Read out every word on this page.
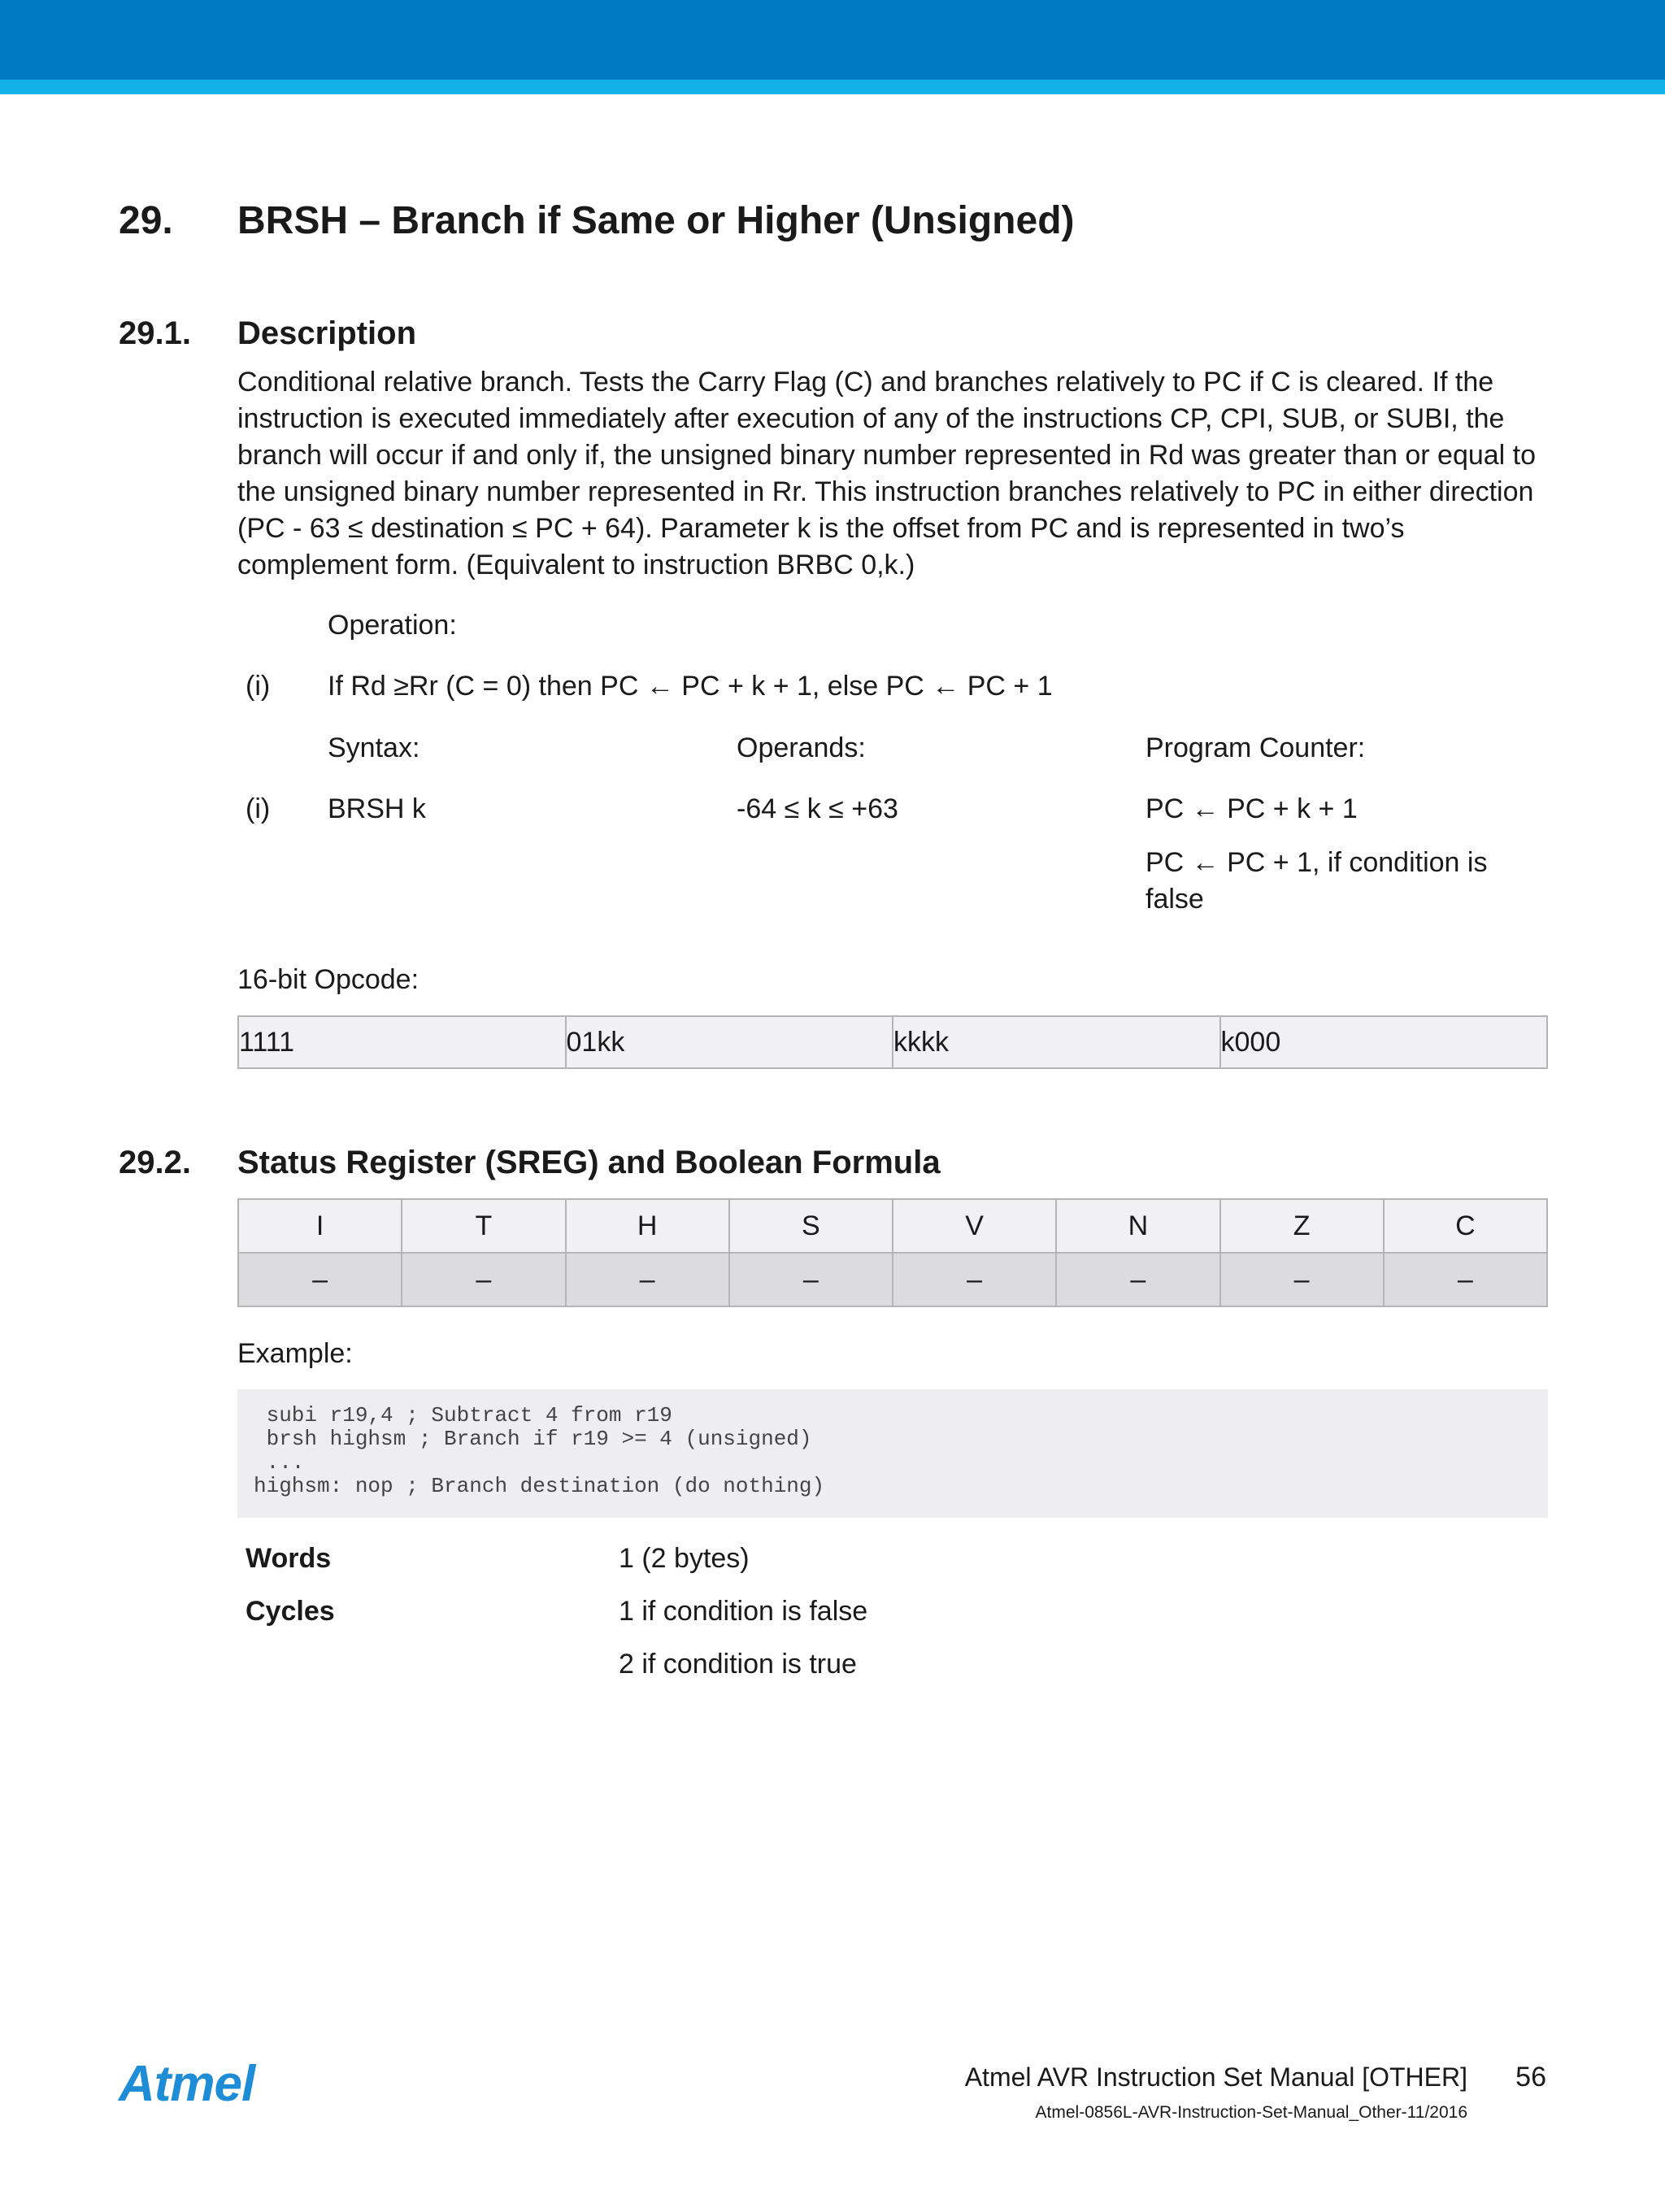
29. BRSH – Branch if Same or Higher (Unsigned)
29.1. Description

Conditional relative branch. Tests the Carry Flag (C) and branches relatively to PC if C is cleared. If the instruction is executed immediately after execution of any of the instructions CP, CPI, SUB, or SUBI, the branch will occur if and only if, the unsigned binary number represented in Rd was greater than or equal to the unsigned binary number represented in Rr. This instruction branches relatively to PC in either direction (PC - 63 ≤ destination ≤ PC + 64). Parameter k is the offset from PC and is represented in two’s complement form. (Equivalent to instruction BRBC 0,k.)

Operation:
(i) If Rd ≥Rr (C = 0) then PC ← PC + k + 1, else PC ← PC + 1
Syntax:	Operands:	Program Counter:
(i) BRSH k	-64 ≤ k ≤ +63	PC ← PC + k + 1
PC ← PC + 1, if condition is false
16-bit Opcode:
1111	01kk	kkkk	k000
29.2. Status Register (SREG) and Boolean Formula
I	T	H	S	V	N	Z	C
–	–	–	–	–	–	–	–
Example:
subi r19,4 ; Subtract 4 from r19
brsh highsm ; Branch if r19 >= 4 (unsigned)
...
highsm: nop ; Branch destination (do nothing)
Words	1 (2 bytes)
Cycles	1 if condition is false
2 if condition is true
Atmel	Atmel AVR Instruction Set Manual [OTHER] 56
Atmel-0856L-AVR-Instruction-Set-Manual_Other-11/2016
